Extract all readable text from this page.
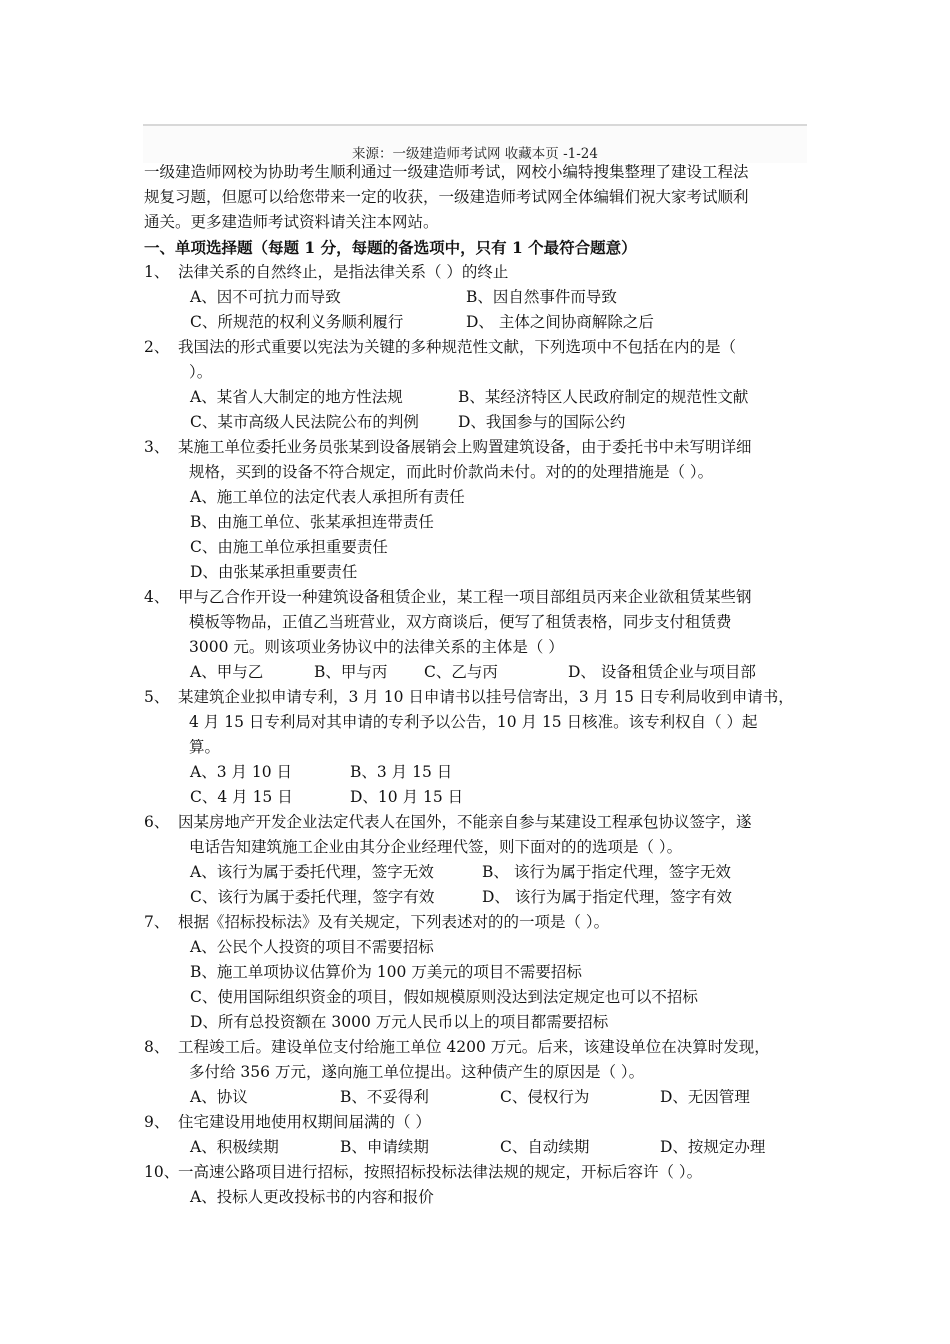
来源：一级建造师考试网 收藏本页 -1-24
一级建造师网校为协助考生顺利通过一级建造师考试，网校小编特搜集整理了建设工程法
规复习题，但愿可以给您带来一定的收获，一级建造师考试网全体编辑们祝大家考试顺利
通关。更多建造师考试资料请关注本网站。
一、单项选择题（每题 1 分，每题的备选项中，只有 1 个最符合题意）
1、 法律关系的自然终止，是指法律关系（ ）的终止
A、因不可抗力而导致	B、因自然事件而导致
C、所规范的权利义务顺利履行	D、 主体之间协商解除之后
2、 我国法的形式重要以宪法为关键的多种规范性文献，下列选项中不包括在内的是（
）。
A、某省人大制定的地方性法规	B、某经济特区人民政府制定的规范性文献
C、某市高级人民法院公布的判例	D、我国参与的国际公约
3、 某施工单位委托业务员张某到设备展销会上购置建筑设备，由于委托书中未写明详细
规格，买到的设备不符合规定，而此时价款尚未付。对的的处理措施是（ ）。
A、施工单位的法定代表人承担所有责任
B、由施工单位、张某承担连带责任
C、由施工单位承担重要责任
D、由张某承担重要责任
4、 甲与乙合作开设一种建筑设备租赁企业，某工程一项目部组员丙来企业欲租赁某些钢
模板等物品，正值乙当班营业，双方商谈后，便写了租赁表格，同步支付租赁费
3000 元。则该项业务协议中的法律关系的主体是（ ）
A、甲与乙	B、甲与丙 C、乙与丙	D、 设备租赁企业与项目部
5、 某建筑企业拟申请专利，3 月 10 日申请书以挂号信寄出，3 月 15 日专利局收到申请书，
4 月 15 日专利局对其申请的专利予以公告，10 月 15 日核准。该专利权自（ ）起
算。
A、3 月 10 日	B、3 月 15 日
C、4 月 15 日	D、10 月 15 日
6、 因某房地产开发企业法定代表人在国外，不能亲自参与某建设工程承包协议签字，遂
电话告知建筑施工企业由其分企业经理代签，则下面对的的选项是（ ）。
A、该行为属于委托代理，签字无效	B、 该行为属于指定代理，签字无效
C、该行为属于委托代理，签字有效	D、 该行为属于指定代理，签字有效
7、 根据《招标投标法》及有关规定，下列表述对的的一项是（ ）。
A、公民个人投资的项目不需要招标
B、施工单项协议估算价为 100 万美元的项目不需要招标
C、使用国际组织资金的项目，假如规模原则没达到法定规定也可以不招标
D、所有总投资额在 3000 万元人民币以上的项目都需要招标
8、 工程竣工后。建设单位支付给施工单位 4200 万元。后来，该建设单位在决算时发现，
多付给 356 万元，遂向施工单位提出。这种债产生的原因是（ ）。
A、协议	B、不妥得利	C、侵权行为	D、无因管理
9、 住宅建设用地使用权期间届满的（ ）
A、积极续期	B、申请续期	C、自动续期	D、按规定办理
10、
一高速公路项目进行招标，按照招标投标法律法规的规定，开标后容许（ ）。
A、投标人更改投标书的内容和报价
